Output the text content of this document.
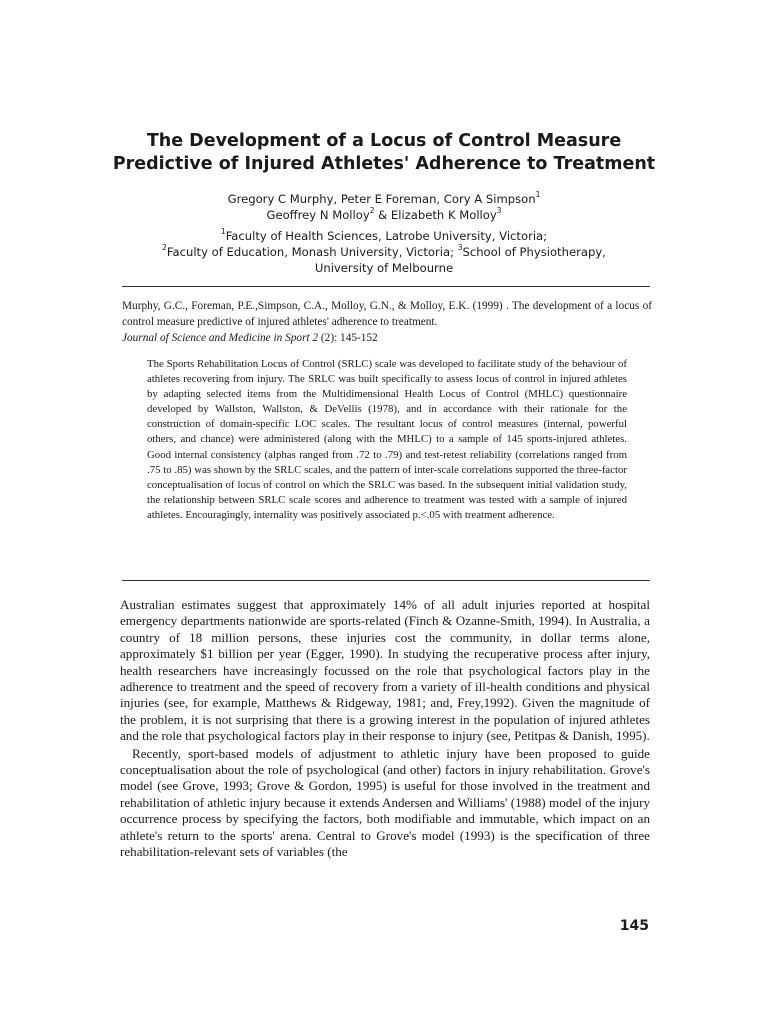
The Development of a Locus of Control Measure
Predictive of Injured Athletes' Adherence to Treatment
Gregory C Murphy, Peter E Foreman, Cory A Simpson$^1$
Geoffrey N Molloy$^2$ & Elizabeth K Molloy$^3$
$^1$Faculty of Health Sciences, Latrobe University, Victoria;
$^2$Faculty of Education, Monash University, Victoria; $^3$School of Physiotherapy,
University of Melbourne
Murphy, G.C., Foreman, P.E.,Simpson, C.A., Molloy, G.N., & Molloy, E.K. (1999) . The development of a locus of control measure predictive of injured athletes' adherence to treatment.
Journal of Science and Medicine in Sport 2 (2): 145-152
The Sports Rehabilitation Locus of Control (SRLC) scale was developed to facilitate study of the behaviour of athletes recovering from injury. The SRLC was built specifically to assess locus of control in injured athletes by adapting selected items from the Multidimensional Health Locus of Control (MHLC) questionnaire developed by Wallston, Wallston, & DeVellis (1978), and in accordance with their rationale for the construction of domain-specific LOC scales. The resultant locus of control measures (internal, powerful others, and chance) were administered (along with the MHLC) to a sample of 145 sports-injured athletes. Good internal consistency (alphas ranged from .72 to .79) and test-retest reliability (correlations ranged from .75 to .85) was shown by the SRLC scales, and the pattern of inter-scale correlations supported the three-factor conceptualisation of locus of control on which the SRLC was based. In the subsequent initial validation study, the relationship between SRLC scale scores and adherence to treatment was tested with a sample of injured athletes. Encouragingly, internality was positively associated p.<.05 with treatment adherence.

Australian estimates suggest that approximately 14% of all adult injuries reported at hospital emergency departments nationwide are sports-related (Finch & Ozanne-Smith, 1994). In Australia, a country of 18 million persons, these injuries cost the community, in dollar terms alone, approximately $1 billion per year (Egger, 1990). In studying the recuperative process after injury, health researchers have increasingly focussed on the role that psychological factors play in the adherence to treatment and the speed of recovery from a variety of ill-health conditions and physical injuries (see, for example, Matthews & Ridgeway, 1981; and, Frey,1992). Given the magnitude of the problem, it is not surprising that there is a growing interest in the population of injured athletes and the role that psychological factors play in their response to injury (see, Petitpas & Danish, 1995).

Recently, sport-based models of adjustment to athletic injury have been proposed to guide conceptualisation about the role of psychological (and other) factors in injury rehabilitation. Grove's model (see Grove, 1993; Grove & Gordon, 1995) is useful for those involved in the treatment and rehabilitation of athletic injury because it extends Andersen and Williams' (1988) model of the injury occurrence process by specifying the factors, both modifiable and immutable, which impact on an athlete's return to the sports' arena. Central to Grove's model (1993) is the specification of three rehabilitation-relevant sets of variables (the

145
